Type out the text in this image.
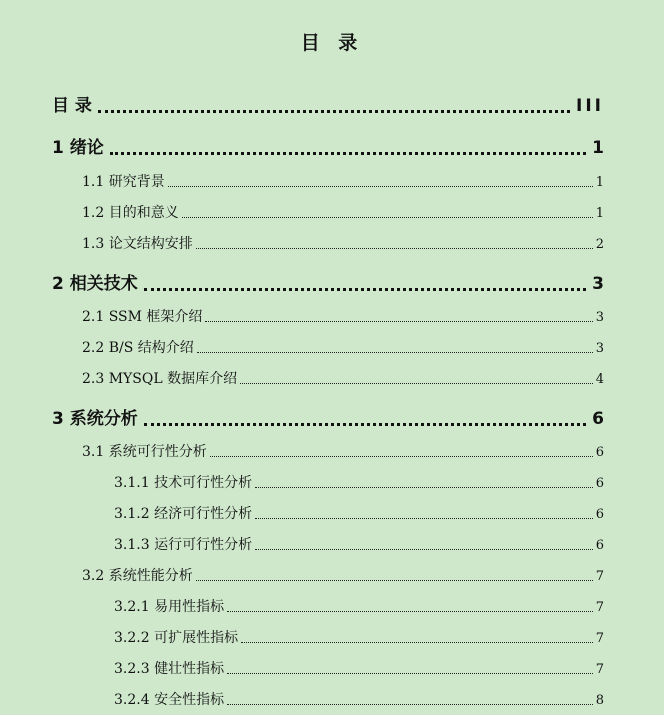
目 录
目 录	III
1 绪论	1
1.1 研究背景	1
1.2 目的和意义	1
1.3 论文结构安排	2
2 相关技术	3
2.1 SSM 框架介绍	3
2.2 B/S 结构介绍	3
2.3 MYSQL 数据库介绍	4
3 系统分析	6
3.1 系统可行性分析	6
3.1.1 技术可行性分析	6
3.1.2 经济可行性分析	6
3.1.3 运行可行性分析	6
3.2 系统性能分析	7
3.2.1 易用性指标	7
3.2.2 可扩展性指标	7
3.2.3 健壮性指标	7
3.2.4 安全性指标	8
